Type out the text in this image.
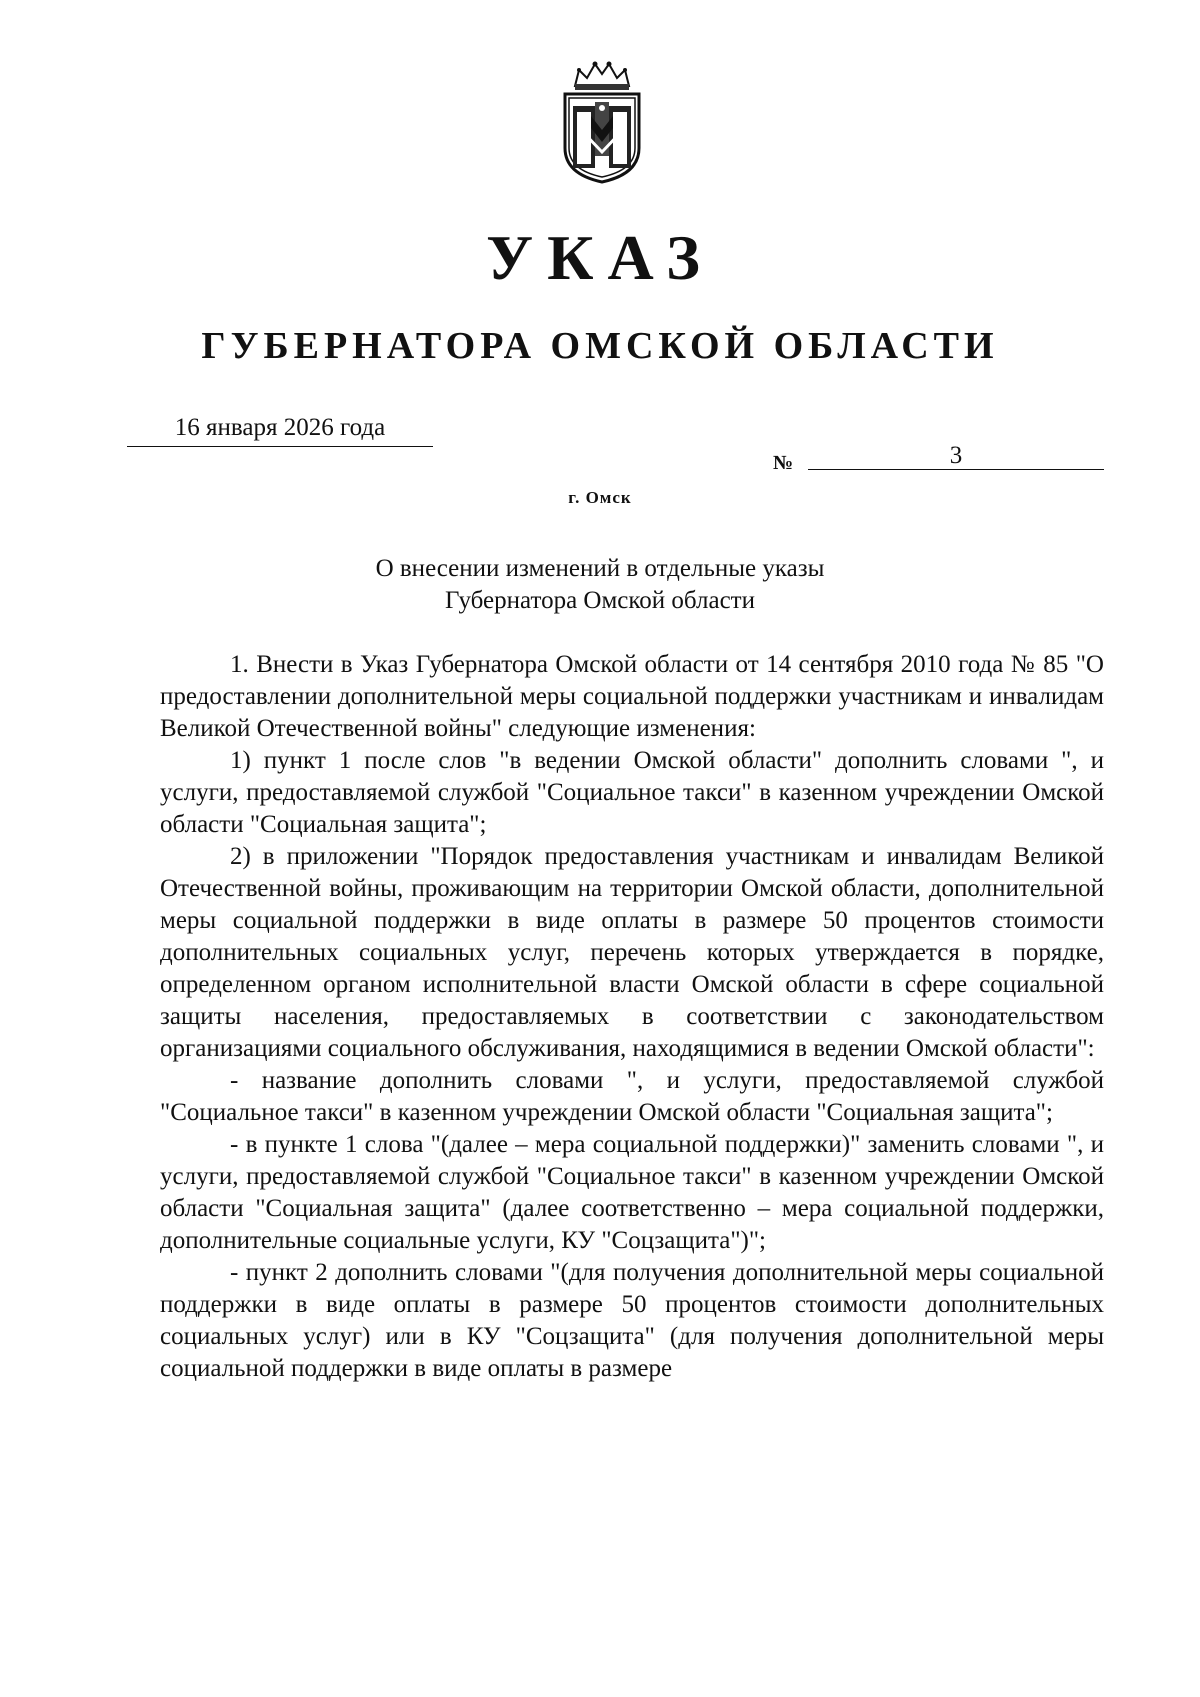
УКАЗ
ГУБЕРНАТОРА ОМСКОЙ ОБЛАСТИ
16 января 2026 года
№	3
г. Омск
О внесении изменений в отдельные указы
Губернатора Омской области

1. Внести в Указ Губернатора Омской области от 14 сентября 2010 года № 85 "О предоставлении дополнительной меры социальной поддержки участникам и инвалидам Великой Отечественной войны" следующие изменения:

1) пункт 1 после слов "в ведении Омской области" дополнить словами ", и услуги, предоставляемой службой "Социальное такси" в казенном учреждении Омской области "Социальная защита";

2) в приложении "Порядок предоставления участникам и инвалидам Великой Отечественной войны, проживающим на территории Омской области, дополнительной меры социальной поддержки в виде оплаты в размере 50 процентов стоимости дополнительных социальных услуг, перечень которых утверждается в порядке, определенном органом исполнительной власти Омской области в сфере социальной защиты населения, предоставляемых в соответствии с законодательством организациями социального обслуживания, находящимися в ведении Омской области":

- название дополнить словами ", и услуги, предоставляемой службой "Социальное такси" в казенном учреждении Омской области "Социальная защита";

- в пункте 1 слова "(далее – мера социальной поддержки)" заменить словами ", и услуги, предоставляемой службой "Социальное такси" в казенном учреждении Омской области "Социальная защита" (далее соответственно – мера социальной поддержки, дополнительные социальные услуги, КУ "Соцзащита")";

- пункт 2 дополнить словами "(для получения дополнительной меры социальной поддержки в виде оплаты в размере 50 процентов стоимости дополнительных социальных услуг) или в КУ "Соцзащита" (для получения дополнительной меры социальной поддержки в виде оплаты в размере
